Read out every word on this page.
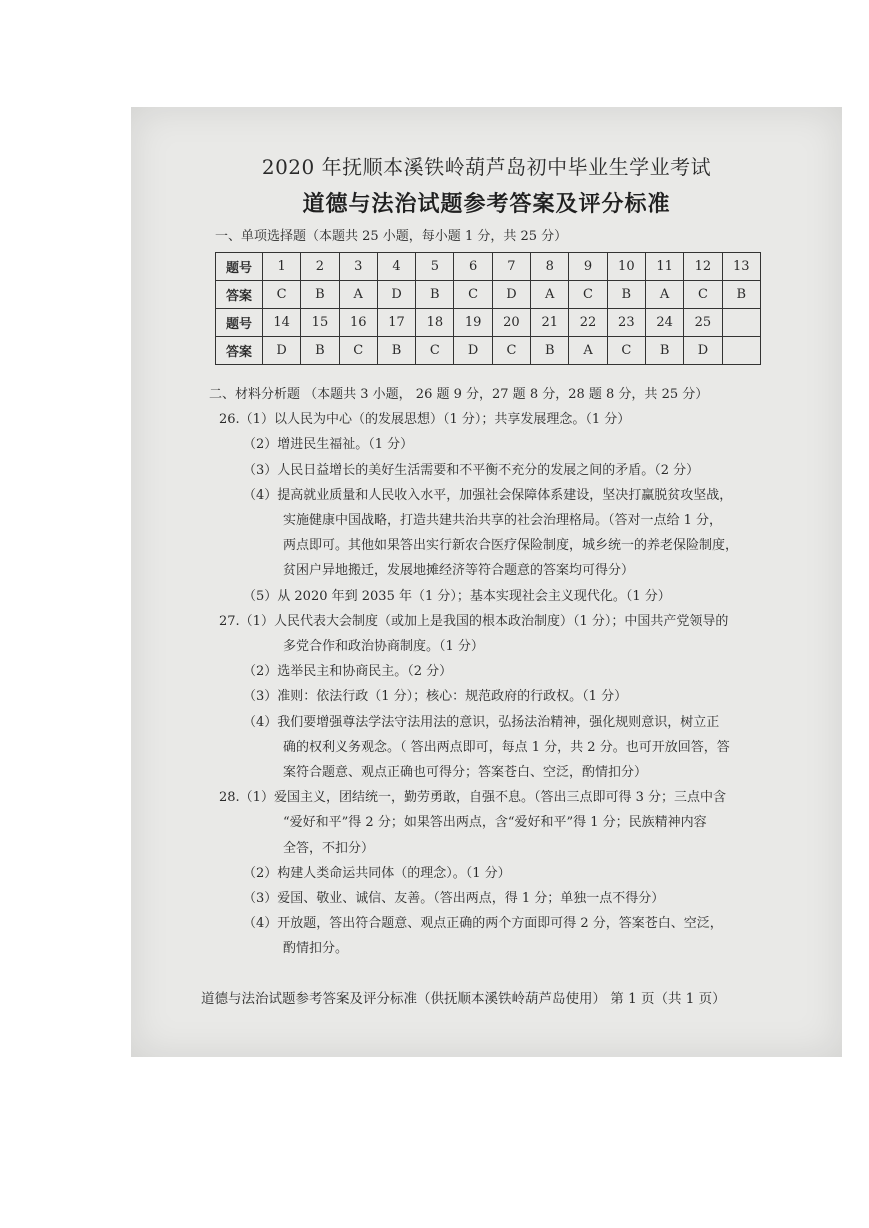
2020 年抚顺本溪铁岭葫芦岛初中毕业生学业考试
道德与法治试题参考答案及评分标准
一、单项选择题（本题共 25 小题，每小题 1 分，共 25 分）
题号	1	2	3	4	5	6	7	8	9	10	11	12	13
答案	C	B	A	D	B	C	D	A	C	B	A	C	B
题号	14	15	16	17	18	19	20	21	22	23	24	25	
答案	D	B	C	B	C	D	C	B	A	C	B	D	
二、材料分析题 （本题共 3 小题， 26 题 9 分，27 题 8 分，28 题 8 分，共 25 分）
26.（1）以人民为中心（的发展思想）（1 分）；共享发展理念。（1 分）
（2）增进民生福祉。（1 分）
（3）人民日益增长的美好生活需要和不平衡不充分的发展之间的矛盾。（2 分）
（4）提高就业质量和人民收入水平，加强社会保障体系建设，坚决打赢脱贫攻坚战，
实施健康中国战略，打造共建共治共享的社会治理格局。（答对一点给 1 分，
两点即可。其他如果答出实行新农合医疗保险制度，城乡统一的养老保险制度，
贫困户异地搬迁，发展地摊经济等符合题意的答案均可得分）
（5）从 2020 年到 2035 年（1 分）；基本实现社会主义现代化。（1 分）
27.（1）人民代表大会制度（或加上是我国的根本政治制度）（1 分）；中国共产党领导的
多党合作和政治协商制度。（1 分）
（2）选举民主和协商民主。（2 分）
（3）准则：依法行政（1 分）；核心：规范政府的行政权。（1 分）
（4）我们要增强尊法学法守法用法的意识，弘扬法治精神，强化规则意识，树立正
确的权利义务观念。（ 答出两点即可，每点 1 分，共 2 分。也可开放回答，答
案符合题意、观点正确也可得分；答案苍白、空泛，酌情扣分）
28.（1）爱国主义，团结统一，勤劳勇敢，自强不息。（答出三点即可得 3 分；三点中含
“爱好和平”得 2 分；如果答出两点，含“爱好和平”得 1 分；民族精神内容
全答，不扣分）
（2）构建人类命运共同体（的理念）。（1 分）
（3）爱国、敬业、诚信、友善。（答出两点，得 1 分；单独一点不得分）
（4）开放题，答出符合题意、观点正确的两个方面即可得 2 分，答案苍白、空泛，
酌情扣分。
道德与法治试题参考答案及评分标准（供抚顺本溪铁岭葫芦岛使用） 第 1 页（共 1 页）
